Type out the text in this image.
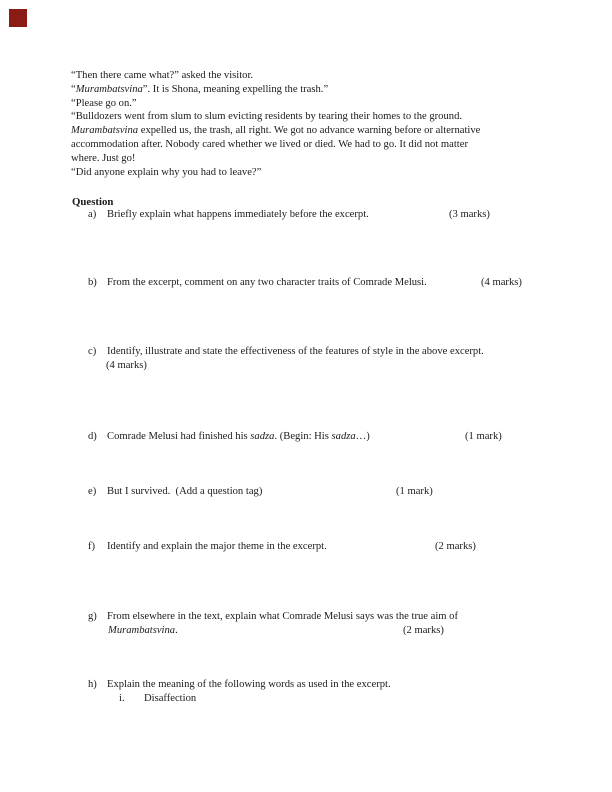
“Then there came what?” asked the visitor.
“Murambatsvina”. It is Shona, meaning expelling the trash.”
“Please go on.”
“Bulldozers went from slum to slum evicting residents by tearing their homes to the ground.
Murambatsvina expelled us, the trash, all right. We got no advance warning before or alternative
accommodation after. Nobody cared whether we lived or died. We had to go. It did not matter
where. Just go!
“Did anyone explain why you had to leave?”
Question
a) Briefly explain what happens immediately before the excerpt.	(3 marks)
b) From the excerpt, comment on any two character traits of Comrade Melusi.	(4 marks)
c) Identify, illustrate and state the effectiveness of the features of style in the above excerpt.
(4 marks)
d) Comrade Melusi had finished his sadza. (Begin: His sadza…)	(1 mark)
e) But I survived.  (Add a question tag)	(1 mark)
f) Identify and explain the major theme in the excerpt.	(2 marks)
g) From elsewhere in the text, explain what Comrade Melusi says was the true aim of
Murambatsvina.	(2 marks)
h) Explain the meaning of the following words as used in the excerpt.
i. Disaffection
